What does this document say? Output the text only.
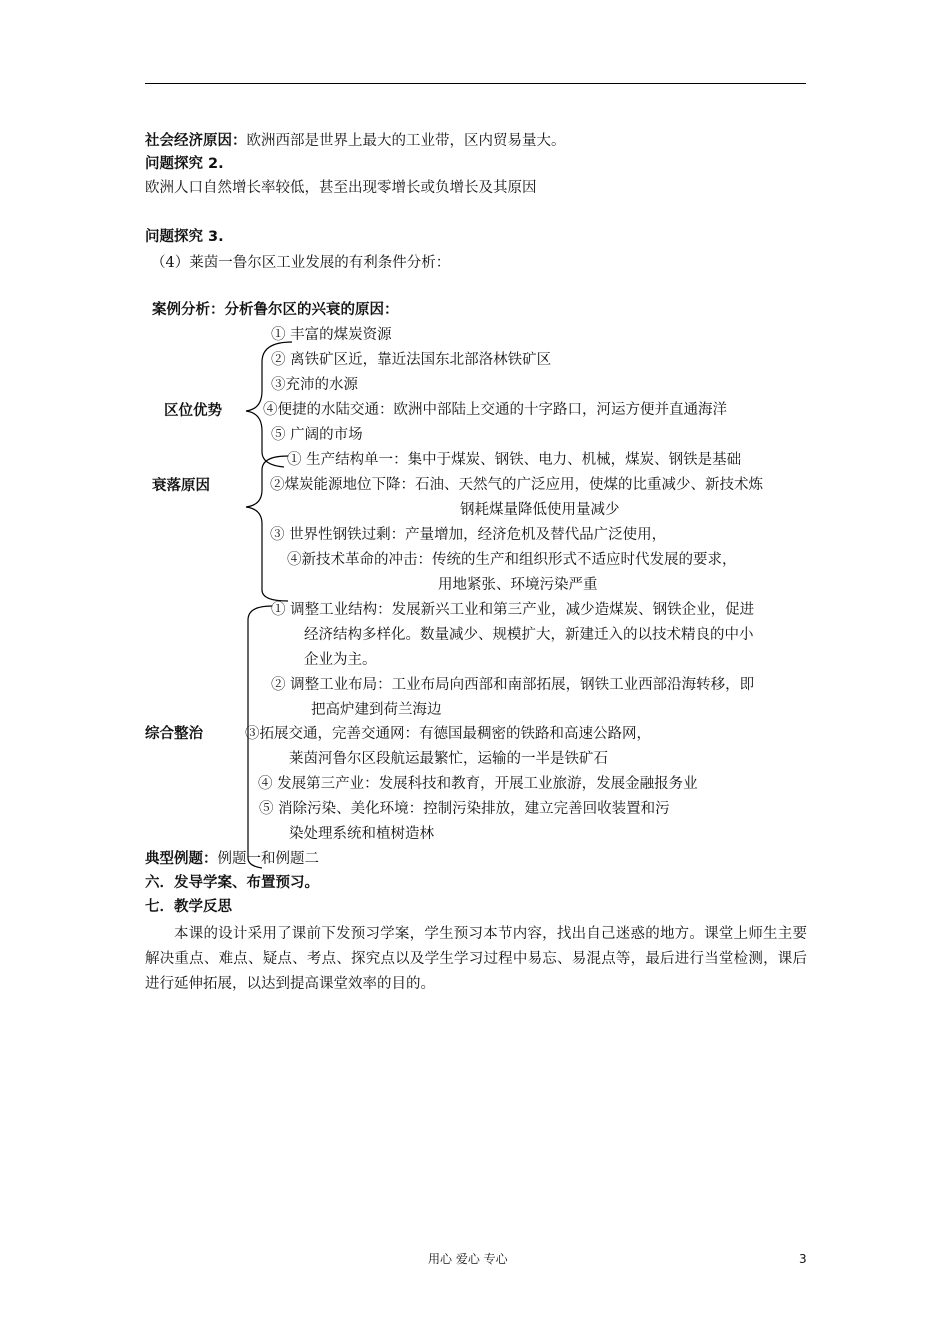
社会经济原因：欧洲西部是世界上最大的工业带，区内贸易量大。
问题探究 2.
欧洲人口自然增长率较低，甚至出现零增长或负增长及其原因
问题探究 3.
（4）莱茵一鲁尔区工业发展的有利条件分析：
案例分析：分析鲁尔区的兴衰的原因：
区位优势
① 丰富的煤炭资源
② 离铁矿区近，靠近法国东北部洛林铁矿区
③充沛的水源
④便捷的水陆交通：欧洲中部陆上交通的十字路口，河运方便并直通海洋
⑤ 广阔的市场
衰落原因
① 生产结构单一：集中于煤炭、钢铁、电力、机械，煤炭、钢铁是基础
②煤炭能源地位下降：石油、天然气的广泛应用，使煤的比重减少、新技术炼
钢耗煤量降低使用量减少
③ 世界性钢铁过剩：产量增加，经济危机及替代品广泛使用，
④新技术革命的冲击：传统的生产和组织形式不适应时代发展的要求，
用地紧张、环境污染严重
综合整治
① 调整工业结构：发展新兴工业和第三产业，减少造煤炭、钢铁企业，促进
经济结构多样化。数量减少、规模扩大，新建迁入的以技术精良的中小
企业为主。
② 调整工业布局：工业布局向西部和南部拓展，钢铁工业西部沿海转移，即
把高炉建到荷兰海边
③拓展交通，完善交通网：有德国最稠密的铁路和高速公路网，
莱茵河鲁尔区段航运最繁忙，运输的一半是铁矿石
④ 发展第三产业：发展科技和教育，开展工业旅游，发展金融报务业
⑤ 消除污染、美化环境：控制污染排放，建立完善回收装置和污
染处理系统和植树造林
典型例题：例题一和例题二
六．发导学案、布置预习。
七．教学反思
本课的设计采用了课前下发预习学案，学生预习本节内容，找出自己迷惑的地方。课堂上师生主要解决重点、难点、疑点、考点、探究点以及学生学习过程中易忘、易混点等，最后进行当堂检测，课后进行延伸拓展，以达到提高课堂效率的目的。
用心 爱心 专心	3
